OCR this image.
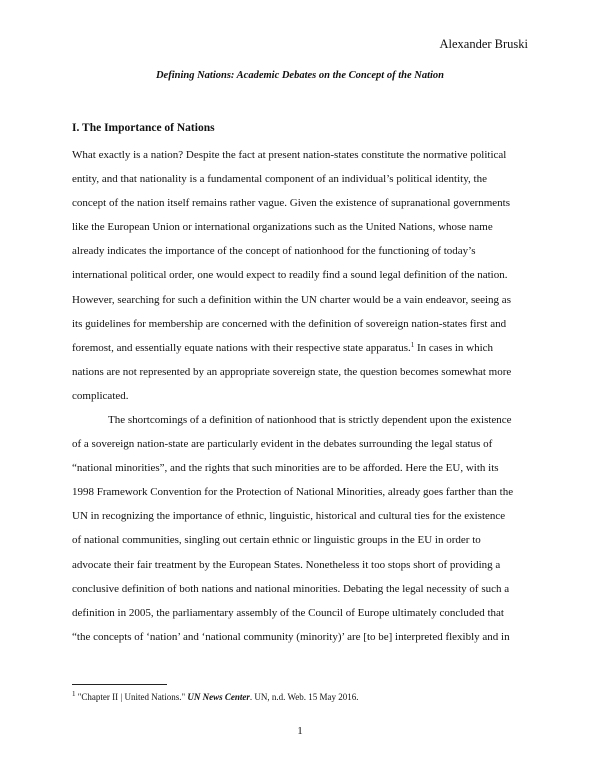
Alexander Bruski
Defining Nations: Academic Debates on the Concept of the Nation
I. The Importance of Nations
What exactly is a nation? Despite the fact at present nation-states constitute the normative political
entity, and that nationality is a fundamental component of an individual’s political identity, the
concept of the nation itself remains rather vague. Given the existence of supranational governments
like the European Union or international organizations such as the United Nations, whose name
already indicates the importance of the concept of nationhood for the functioning of today’s
international political order, one would expect to readily find a sound legal definition of the nation.
However, searching for such a definition within the UN charter would be a vain endeavor, seeing as
its guidelines for membership are concerned with the definition of sovereign nation-states first and
foremost, and essentially equate nations with their respective state apparatus.$^1$ In cases in which
nations are not represented by an appropriate sovereign state, the question becomes somewhat more
complicated.
The shortcomings of a definition of nationhood that is strictly dependent upon the existence
of a sovereign nation-state are particularly evident in the debates surrounding the legal status of
“national minorities”, and the rights that such minorities are to be afforded. Here the EU, with its
1998 Framework Convention for the Protection of National Minorities, already goes farther than the
UN in recognizing the importance of ethnic, linguistic, historical and cultural ties for the existence
of national communities, singling out certain ethnic or linguistic groups in the EU in order to
advocate their fair treatment by the European States. Nonetheless it too stops short of providing a
conclusive definition of both nations and national minorities. Debating the legal necessity of such a
definition in 2005, the parliamentary assembly of the Council of Europe ultimately concluded that
“the concepts of ‘nation’ and ‘national community (minority)’ are [to be] interpreted flexibly and in
$^1$ "Chapter II | United Nations." UN News Center. UN, n.d. Web. 15 May 2016.
1
